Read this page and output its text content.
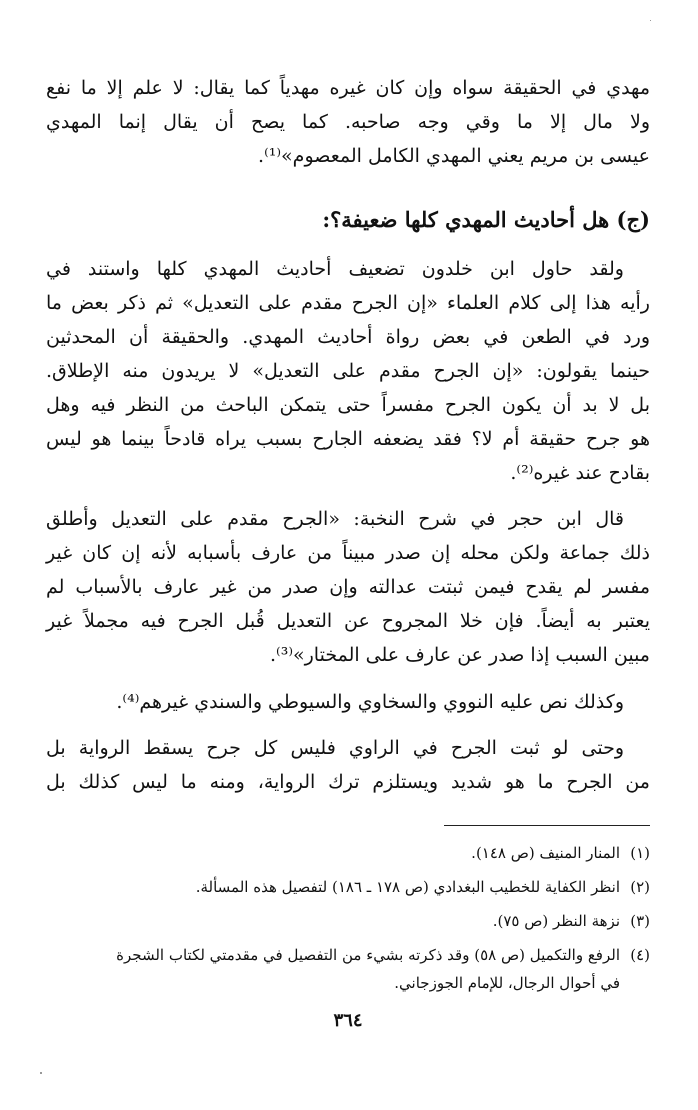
مهدي في الحقيقة سواه وإن كان غيره مهدياً كما يقال: لا علم إلا ما نفع
ولا مال إلا ما وقي وجه صاحبه. كما يصح أن يقال إنما المهدي
عيسى بن مريم يعني المهدي الكامل المعصوم»⁽¹⁾.
(ج) هل أحاديث المهدي كلها ضعيفة؟:
ولقد حاول ابن خلدون تضعيف أحاديث المهدي كلها واستند في
رأيه هذا إلى كلام العلماء «إن الجرح مقدم على التعديل» ثم ذكر بعض ما
ورد في الطعن في بعض رواة أحاديث المهدي. والحقيقة أن المحدثين
حينما يقولون: «إن الجرح مقدم على التعديل» لا يريدون منه الإطلاق.
بل لا بد أن يكون الجرح مفسراً حتى يتمكن الباحث من النظر فيه وهل
هو جرح حقيقة أم لا؟ فقد يضعفه الجارح بسبب يراه قادحاً بينما هو ليس
بقادح عند غيره⁽²⁾.
قال ابن حجر في شرح النخبة: «الجرح مقدم على التعديل وأطلق
ذلك جماعة ولكن محله إن صدر مبيناً من عارف بأسبابه لأنه إن كان غير
مفسر لم يقدح فيمن ثبتت عدالته وإن صدر من غير عارف بالأسباب لم
يعتبر به أيضاً. فإن خلا المجروح عن التعديل قُبل الجرح فيه مجملاً غير
مبين السبب إذا صدر عن عارف على المختار»⁽³⁾.
وكذلك نص عليه النووي والسخاوي والسيوطي والسندي غيرهم⁽⁴⁾.
وحتى لو ثبت الجرح في الراوي فليس كل جرح يسقط الرواية بل
من الجرح ما هو شديد ويستلزم ترك الرواية، ومنه ما ليس كذلك بل
(١)المنار المنيف (ص ١٤٨).
(٢)انظر الكفاية للخطيب البغدادي (ص ١٧٨ ـ ١٨٦) لتفصيل هذه المسألة.
(٣)نزهة النظر (ص ٧٥).
(٤)الرفع والتكميل (ص ٥٨) وقد ذكرته بشيء من التفصيل في مقدمتي لكتاب الشجرة
في أحوال الرجال، للإمام الجوزجاني.
٣٦٤
